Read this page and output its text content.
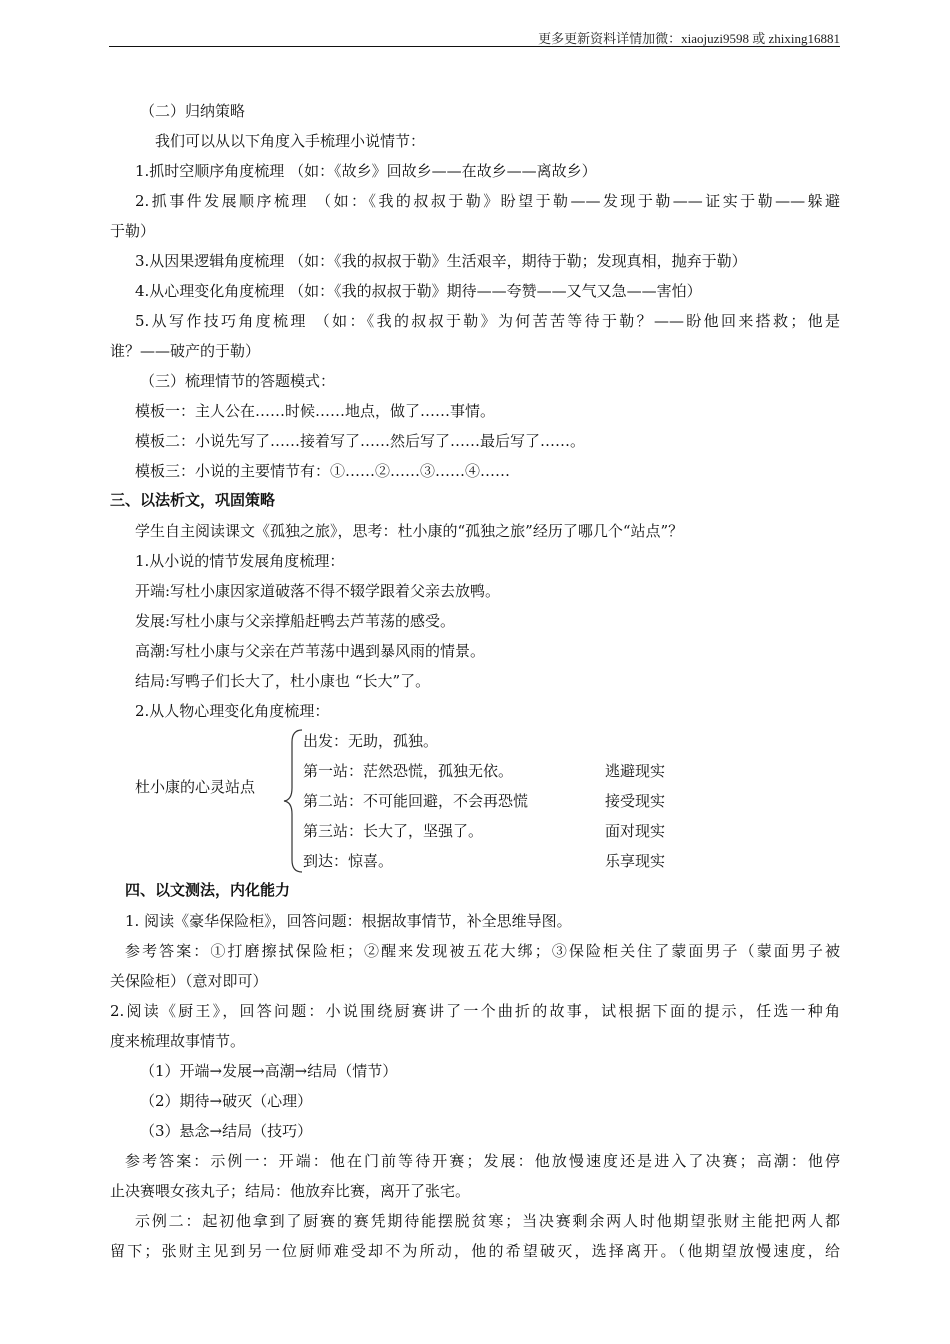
更多更新资料详情加微：xiaojuzi9598 或 zhixing16881
（二）归纳策略
我们可以从以下角度入手梳理小说情节：
1.抓时空顺序角度梳理 （如：《故乡》回故乡——在故乡——离故乡）
2.抓事件发展顺序梳理 （如：《我的叔叔于勒》盼望于勒——发现于勒——证实于勒——躲避
于勒）
3.从因果逻辑角度梳理 （如：《我的叔叔于勒》生活艰辛，期待于勒；发现真相，抛弃于勒）
4.从心理变化角度梳理 （如：《我的叔叔于勒》期待——夸赞——又气又急——害怕）
5.从写作技巧角度梳理 （如：《我的叔叔于勒》为何苦苦等待于勒？——盼他回来搭救；他是
谁？——破产的于勒）
（三）梳理情节的答题模式：
模板一：主人公在……时候……地点，做了……事情。
模板二：小说先写了……接着写了……然后写了……最后写了……。
模板三：小说的主要情节有：①……②……③……④……
三、以法析文，巩固策略
学生自主阅读课文《孤独之旅》，思考：杜小康的“孤独之旅”经历了哪几个“站点”？
1.从小说的情节发展角度梳理：
开端:写杜小康因家道破落不得不辍学跟着父亲去放鸭。
发展:写杜小康与父亲撑船赶鸭去芦苇荡的感受。
高潮:写杜小康与父亲在芦苇荡中遇到暴风雨的情景。
结局:写鸭子们长大了，杜小康也 “长大”了。
2.从人物心理变化角度梳理：
杜小康的心灵站点
出发：无助，孤独。
第一站：茫然恐慌，孤独无依。
第二站：不可能回避，不会再恐慌
第三站：长大了，坚强了。
到达：惊喜。
逃避现实
接受现实
面对现实
乐享现实
四、以文测法，内化能力
1. 阅读《豪华保险柜》，回答问题：根据故事情节，补全思维导图。
参考答案：①打磨擦拭保险柜；②醒来发现被五花大绑；③保险柜关住了蒙面男子（蒙面男子被
关保险柜）（意对即可）
2.阅读《厨王》，回答问题：小说围绕厨赛讲了一个曲折的故事，试根据下面的提示，任选一种角
度来梳理故事情节。
（1）开端→发展→高潮→结局（情节）
（2）期待→破灭（心理）
（3）悬念→结局（技巧）
参考答案：示例一：开端：他在门前等待开赛；发展：他放慢速度还是进入了决赛；高潮：他停
止决赛喂女孩丸子；结局：他放弃比赛，离开了张宅。
示例二：起初他拿到了厨赛的赛凭期待能摆脱贫寒；当决赛剩余两人时他期望张财主能把两人都
留下；张财主见到另一位厨师难受却不为所动，他的希望破灭，选择离开。（他期望放慢速度，给
